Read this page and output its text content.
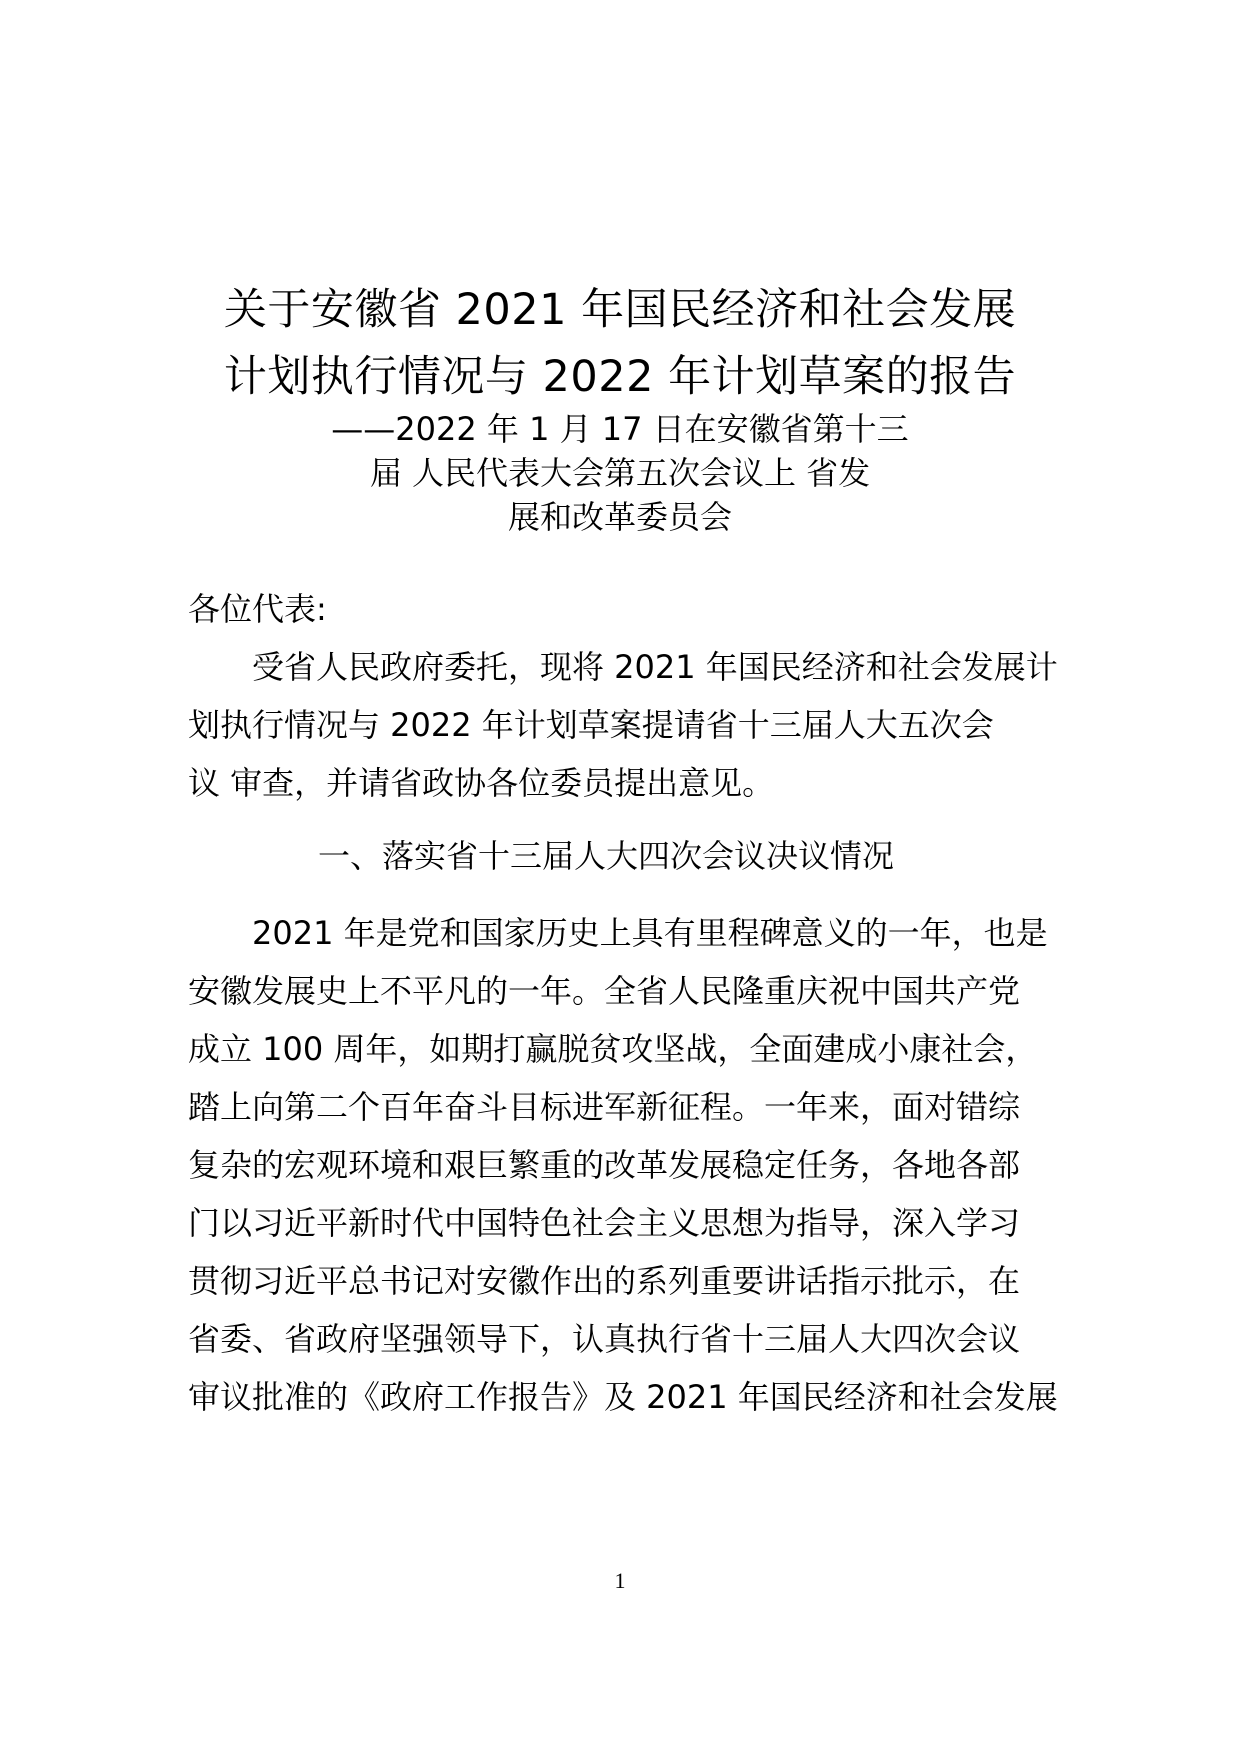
关于安徽省 2021 年国民经济和社会发展
计划执行情况与 2022 年计划草案的报告
——2022 年 1 月 17 日在安徽省第十三
届 人民代表大会第五次会议上 省发
展和改革委员会
各位代表:
受省人民政府委托，现将 2021 年国民经济和社会发展计
划执行情况与 2022 年计划草案提请省十三届人大五次会
议 审查，并请省政协各位委员提出意见。
一、落实省十三届人大四次会议决议情况
2021 年是党和国家历史上具有里程碑意义的一年，也是
安徽发展史上不平凡的一年。全省人民隆重庆祝中国共产党
成立 100 周年，如期打赢脱贫攻坚战，全面建成小康社会，
踏上向第二个百年奋斗目标进军新征程。一年来，面对错综
复杂的宏观环境和艰巨繁重的改革发展稳定任务，各地各部
门以习近平新时代中国特色社会主义思想为指导，深入学习
贯彻习近平总书记对安徽作出的系列重要讲话指示批示，在
省委、省政府坚强领导下，认真执行省十三届人大四次会议
审议批准的《政府工作报告》及 2021 年国民经济和社会发展
1
